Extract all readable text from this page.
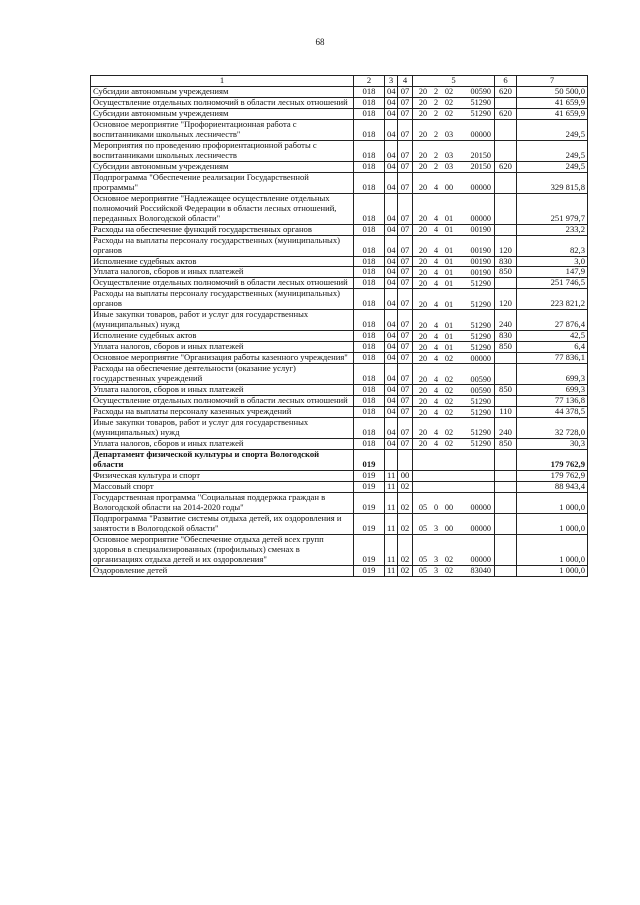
68
1	2	3	4	5	6	7
Субсидии автономным учреждениям	018	04	07	20 2 02 00590	620	50 500,0
Осуществление отдельных полномочий в области лесных отношений	018	04	07	20 2 02 51290		41 659,9
Субсидии автономным учреждениям	018	04	07	20 2 02 51290	620	41 659,9
Основное мероприятие "Профориентационная работа с воспитанниками школьных лесничеств"	018	04	07	20 2 03 00000		249,5
Мероприятия по проведению профориентационной работы с воспитанниками школьных лесничеств	018	04	07	20 2 03 20150		249,5
Субсидии автономным учреждениям	018	04	07	20 2 03 20150	620	249,5
Подпрограмма "Обеспечение реализации Государственной программы"	018	04	07	20 4 00 00000		329 815,8
Основное мероприятие "Надлежащее осуществление отдельных полномочий Российской Федерации в области лесных отношений, переданных Вологодской области"	018	04	07	20 4 01 00000		251 979,7
Расходы на обеспечение функций государственных органов	018	04	07	20 4 01 00190		233,2
Расходы на выплаты персоналу государственных (муниципальных) органов	018	04	07	20 4 01 00190	120	82,3
Исполнение судебных актов	018	04	07	20 4 01 00190	830	3,0
Уплата налогов, сборов и иных платежей	018	04	07	20 4 01 00190	850	147,9
Осуществление отдельных полномочий в области лесных отношений	018	04	07	20 4 01 51290		251 746,5
Расходы на выплаты персоналу государственных (муниципальных) органов	018	04	07	20 4 01 51290	120	223 821,2
Иные закупки товаров, работ и услуг для государственных (муниципальных) нужд	018	04	07	20 4 01 51290	240	27 876,4
Исполнение судебных актов	018	04	07	20 4 01 51290	830	42,5
Уплата налогов, сборов и иных платежей	018	04	07	20 4 01 51290	850	6,4
Основное мероприятие "Организация работы казенного учреждения"	018	04	07	20 4 02 00000		77 836,1
Расходы на обеспечение деятельности (оказание услуг) государственных учреждений	018	04	07	20 4 02 00590		699,3
Уплата налогов, сборов и иных платежей	018	04	07	20 4 02 00590	850	699,3
Осуществление отдельных полномочий в области лесных отношений	018	04	07	20 4 02 51290		77 136,8
Расходы на выплаты персоналу казенных учреждений	018	04	07	20 4 02 51290	110	44 378,5
Иные закупки товаров, работ и услуг для государственных (муниципальных) нужд	018	04	07	20 4 02 51290	240	32 728,0
Уплата налогов, сборов и иных платежей	018	04	07	20 4 02 51290	850	30,3
Департамент физической культуры и спорта Вологодской области	019					179 762,9
Физическая культура и спорт	019	11	00			179 762,9
Массовый спорт	019	11	02			88 943,4
Государственная программа "Социальная поддержка граждан в Вологодской области на 2014-2020 годы"	019	11	02	05 0 00 00000		1 000,0
Подпрограмма "Развитие системы отдыха детей, их оздоровления и занятости в Вологодской области"	019	11	02	05 3 00 00000		1 000,0
Основное мероприятие "Обеспечение отдыха детей всех групп здоровья в специализированных (профильных) сменах в организациях отдыха детей и их оздоровления"	019	11	02	05 3 02 00000		1 000,0
Оздоровление детей	019	11	02	05 3 02 83040		1 000,0
